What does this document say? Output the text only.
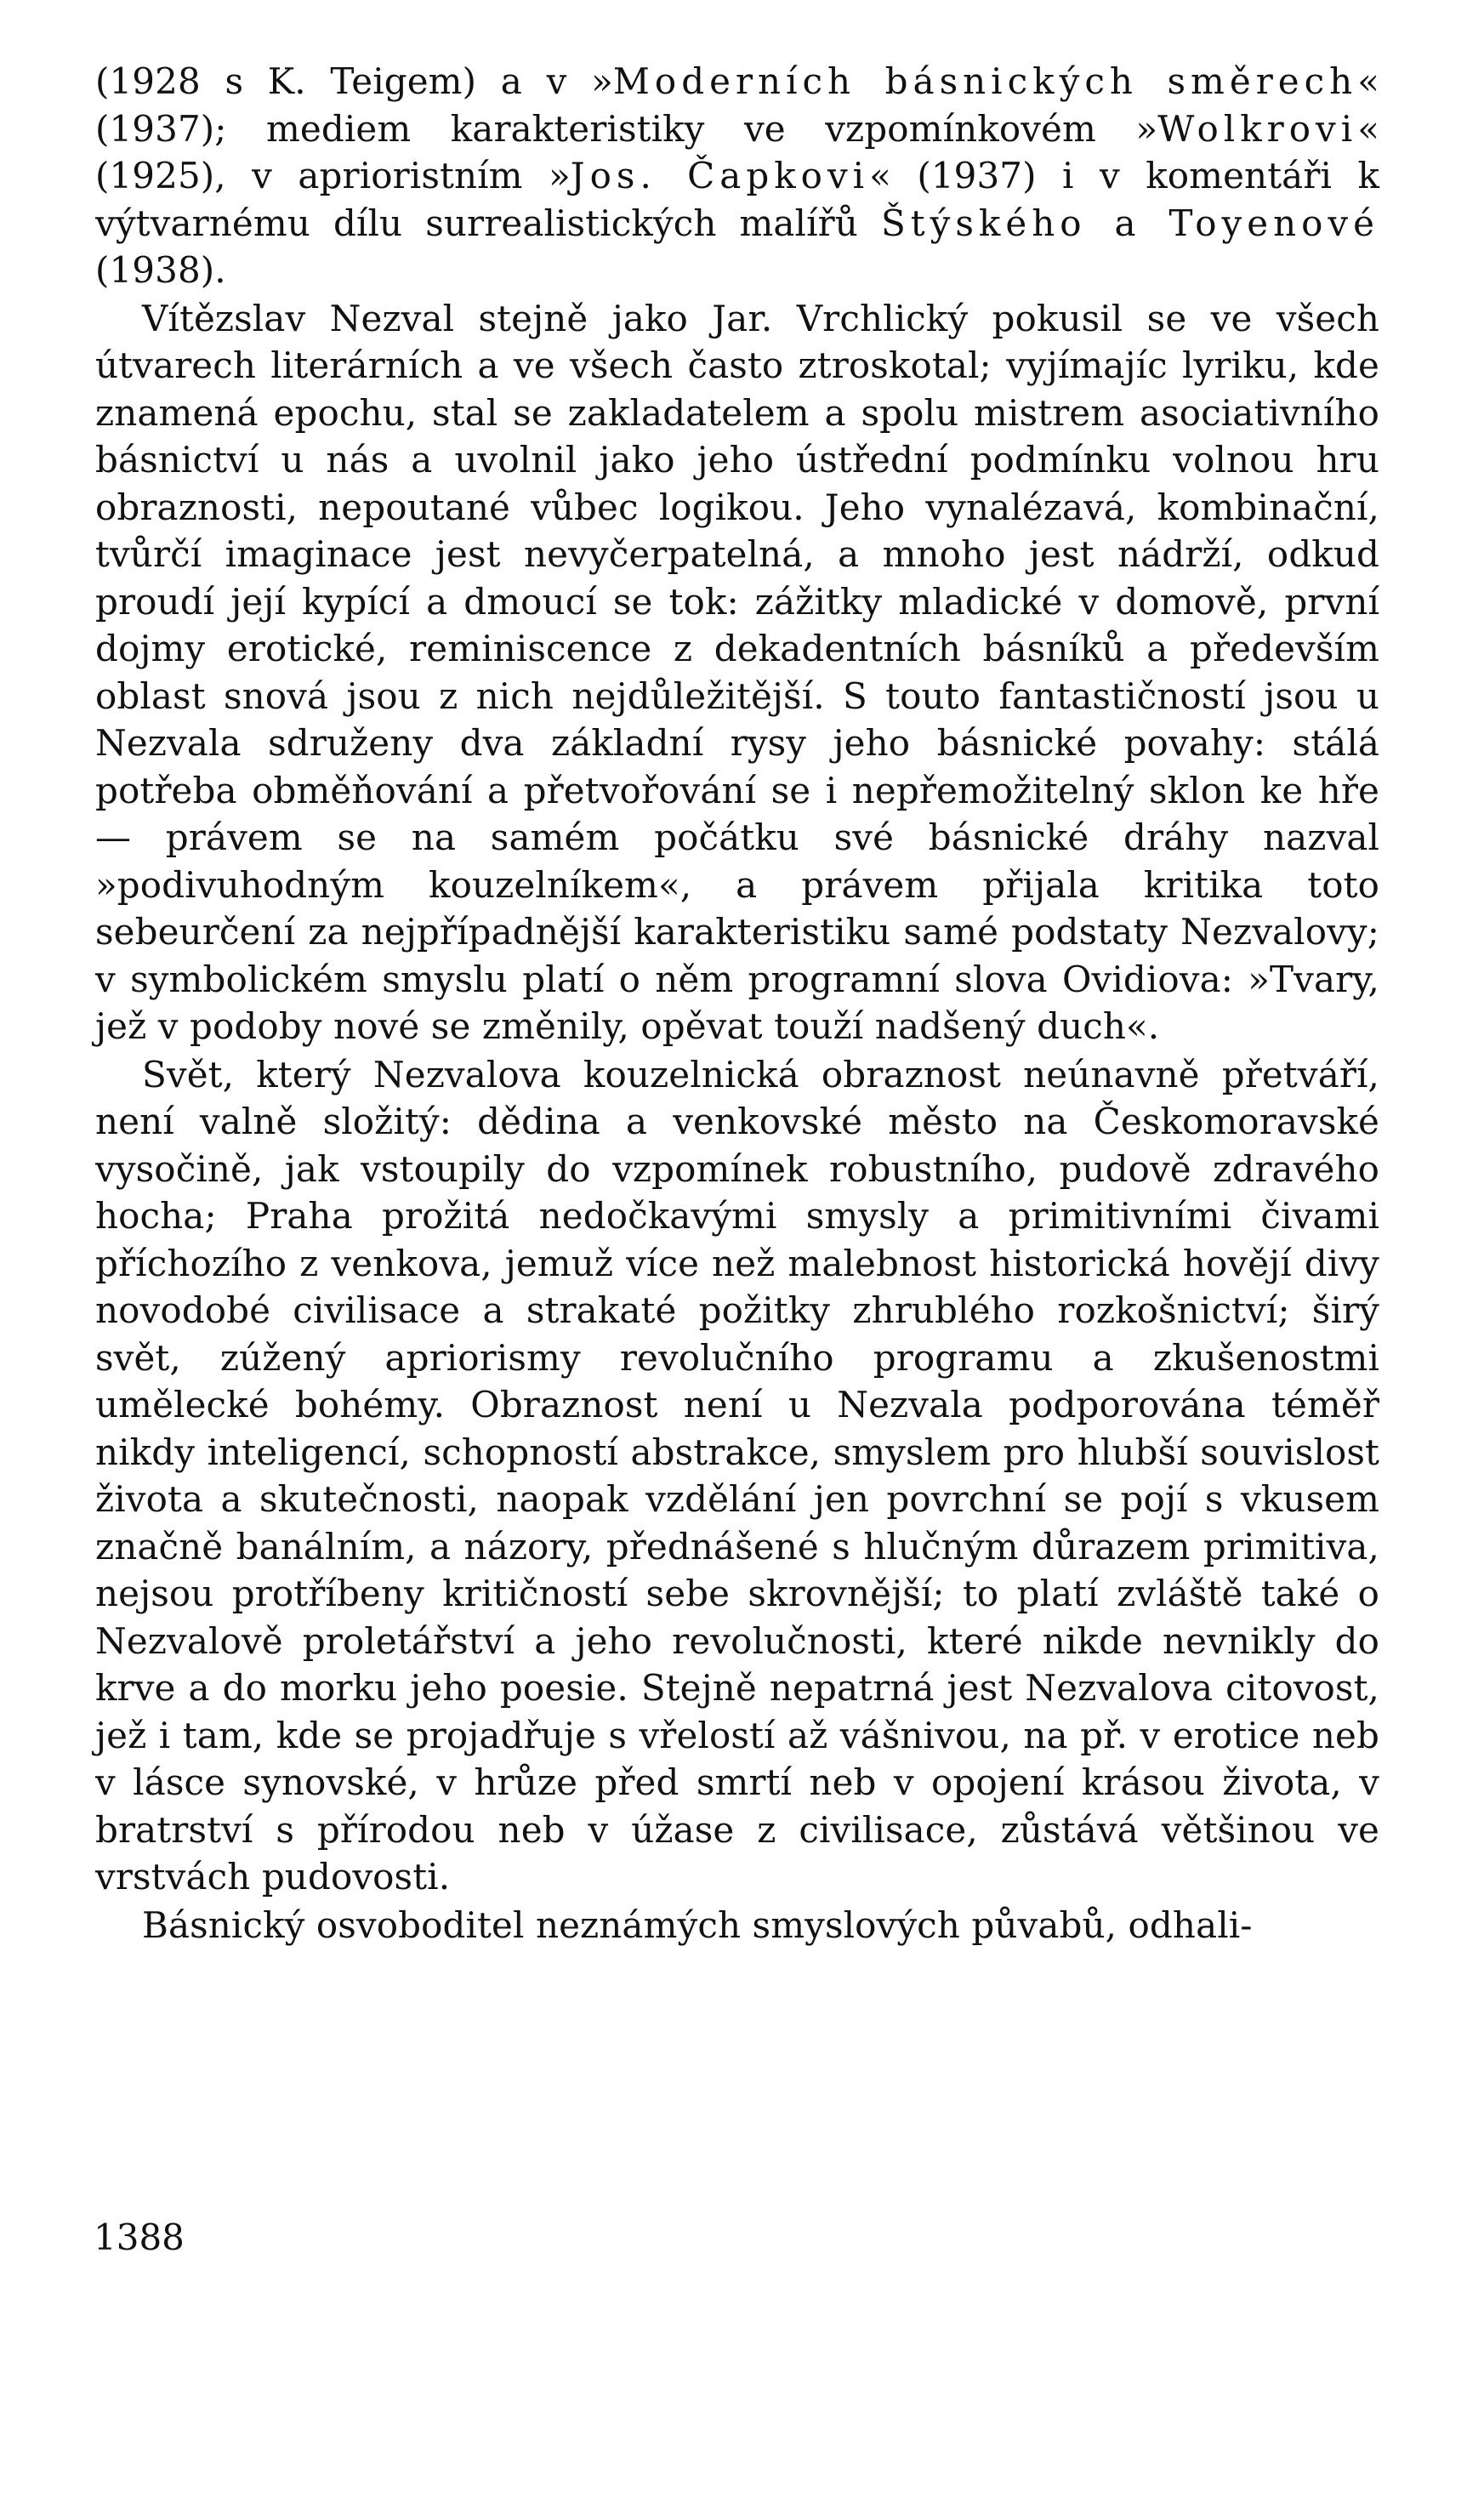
(1928 s K. Teigem) a v »Moderních básnických směrech« (1937); mediem karakteristiky ve vzpomínkovém »Wolkrovi« (1925), v aprioristním »Jos. Čapkovi« (1937) i v komentáři k výtvarnému dílu surrealistických malířů Štýského a Toyenové (1938).

Vítězslav Nezval stejně jako Jar. Vrchlický pokusil se ve všech útvarech literárních a ve všech často ztroskotal; vyjímajíc lyriku, kde znamená epochu, stal se zakladatelem a spolu mistrem asociativního básnictví u nás a uvolnil jako jeho ústřední podmínku volnou hru obraznosti, nepoutané vůbec logikou. Jeho vynalézavá, kombinační, tvůrčí imaginace jest nevyčerpatelná, a mnoho jest nádrží, odkud proudí její kypící a dmoucí se tok: zážitky mladické v domově, první dojmy erotické, reminiscence z dekadentních básníků a především oblast snová jsou z nich nejdůležitější. S touto fantastičností jsou u Nezvala sdruženy dva základní rysy jeho básnické povahy: stálá potřeba obměňování a přetvořování se i nepřemožitelný sklon ke hře — právem se na samém počátku své básnické dráhy nazval »podivuhodným kouzelníkem«, a právem přijala kritika toto sebeurčení za nejpřípadnější karakteristiku samé podstaty Nezvalovy; v symbolickém smyslu platí o něm programní slova Ovidiova: »Tvary, jež v podoby nové se změnily, opěvat touží nadšený duch«.

Svět, který Nezvalova kouzelnická obraznost neúnavně přetváří, není valně složitý: dědina a venkovské město na Českomoravské vysočině, jak vstoupily do vzpomínek robustního, pudově zdravého hocha; Praha prožitá nedočkavými smysly a primitivními čivami příchozího z venkova, jemuž více než malebnost historická hovějí divy novodobé civilisace a strakaté požitky zhrublého rozkošnictví; širý svět, zúžený apriorismy revolučního programu a zkušenostmi umělecké bohémy. Obraznost není u Nezvala podporována téměř nikdy inteligencí, schopností abstrakce, smyslem pro hlubší souvislost života a skutečnosti, naopak vzdělání jen povrchní se pojí s vkusem značně banálním, a názory, přednášené s hlučným důrazem primitiva, nejsou protříbeny kritičností sebe skrovnější; to platí zvláště také o Nezvalově proletářství a jeho revolučnosti, které nikde nevnikly do krve a do morku jeho poesie. Stejně nepatrná jest Nezvalova citovost, jež i tam, kde se projadřuje s vřelostí až vášnivou, na př. v erotice neb v lásce synovské, v hrůze před smrtí neb v opojení krásou života, v bratrství s přírodou neb v úžase z civilisace, zůstává většinou ve vrstvách pudovosti.

Básnický osvoboditel neznámých smyslových půvabů, odhali-

1388
